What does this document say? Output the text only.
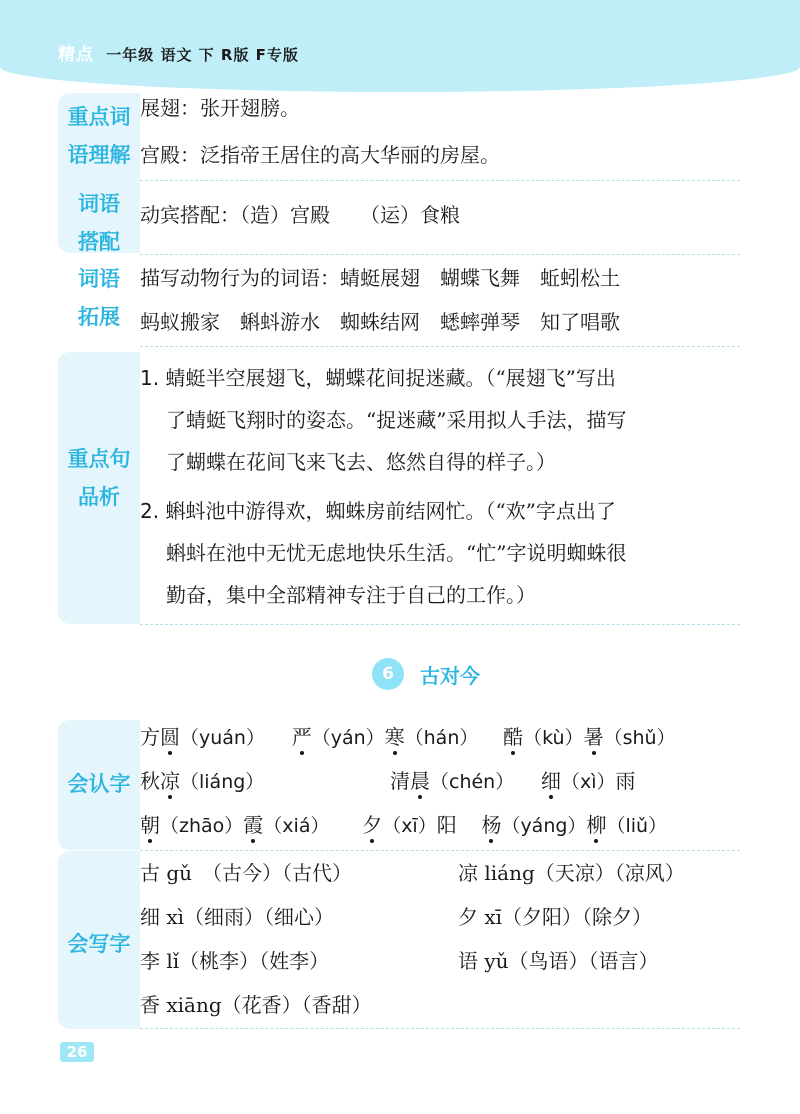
精点 一年级 语文 下 R版 F专版
重点词
语理解
展翅：张开翅膀。
宫殿：泛指帝王居住的高大华丽的房屋。
词语
搭配
动宾搭配：（造）宫殿　　（运）食粮
词语
拓展
描写动物行为的词语：蜻蜓展翅　蝴蝶飞舞　蚯蚓松土
蚂蚁搬家　蝌蚪游水　蜘蛛结网　蟋蟀弹琴　知了唱歌
重点句
品析
1. 蜻蜓半空展翅飞，蝴蝶花间捉迷藏。（“展翅飞”写出
了蜻蜓飞翔时的姿态。“捉迷藏”采用拟人手法，描写
了蝴蝶在花间飞来飞去、悠然自得的样子。）
2. 蝌蚪池中游得欢，蜘蛛房前结网忙。（“欢”字点出了
蝌蚪在池中无忧无虑地快乐生活。“忙”字说明蜘蛛很
勤奋，集中全部精神专注于自己的工作。）
6	古对今
会认字
方圆（yuán） 严（yán）寒（hán） 酷（kù）暑（shǔ）
秋凉（liáng）	清晨（chén） 细（xì）雨
朝（zhāo）霞（xiá） 夕（xī）阳 杨（yáng）柳（liǔ）
会写字
古 gǔ　（古今）（古代）
细 xì（细雨）（细心）
李 lǐ（桃李）（姓李）
香 xiāng（花香）（香甜）
凉 liáng（天凉）（凉风）
夕 xī（夕阳）（除夕）
语 yǔ（鸟语）（语言）
26
